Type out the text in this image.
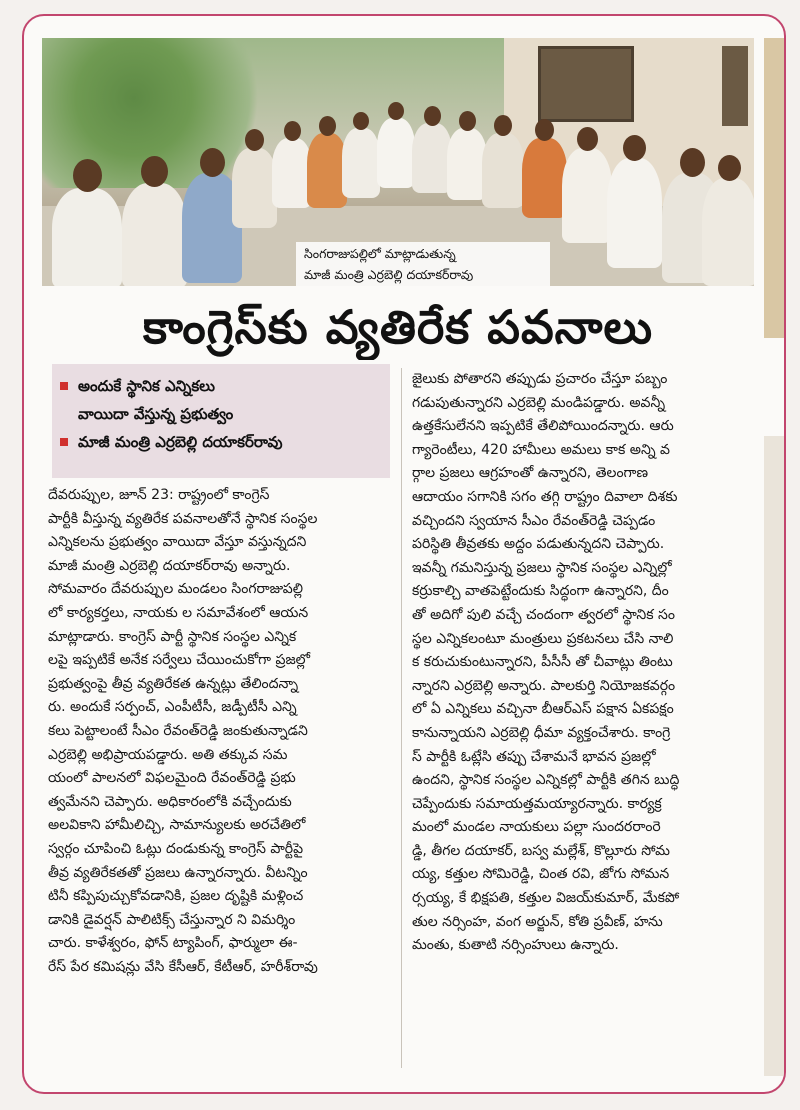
సింగరాజుపల్లిలో మాట్లాడుతున్న
మాజీ మంత్రి ఎర్రబెల్లి దయాకర్‌రావు
కాంగ్రెస్‌కు వ్యతిరేక పవనాలు
అందుకే స్థానిక ఎన్నికలు
వాయిదా వేస్తున్న ప్రభుత్వం
మాజీ మంత్రి ఎర్రబెల్లి దయాకర్‌రావు
దేవరుప్పుల, జూన్ 23: రాష్ట్రంలో కాంగ్రెస్
పార్టీకి వీస్తున్న వ్యతిరేక పవనాలతోనే స్థానిక సంస్థల
ఎన్నికలను ప్రభుత్వం వాయిదా వేస్తూ వస్తున్నదని
మాజీ మంత్రి ఎర్రబెల్లి దయాకర్‌రావు అన్నారు.
సోమవారం దేవరుప్పుల మండలం సింగరాజుపల్లి
లో కార్యకర్తలు, నాయకు ల సమావేశంలో ఆయన
మాట్లాడారు. కాంగ్రెస్ పార్టీ స్థానిక సంస్థల ఎన్నిక
లపై ఇప్పటికే అనేక సర్వేలు చేయించుకోగా ప్రజల్లో
ప్రభుత్వంపై తీవ్ర వ్యతిరేకత ఉన్నట్లు తేలిందన్నా
రు. అందుకే సర్పంచ్, ఎంపీటీసీ, జడ్పీటీసీ ఎన్ని
కలు పెట్టాలంటే సీఎం రేవంత్‌రెడ్డి జంకుతున్నాడని
ఎర్రబెల్లి అభిప్రాయపడ్డారు. అతి తక్కువ సమ
యంలో పాలనలో విఫలమైంది రేవంత్‌రెడ్డి ప్రభు
త్వమేనని చెప్పారు. అధికారంలోకి వచ్చేందుకు
అలవికాని హామీలిచ్చి, సామాన్యులకు అరచేతిలో
స్వర్గం చూపించి ఓట్లు దండుకున్న కాంగ్రెస్ పార్టీపై
తీవ్ర వ్యతిరేకతతో ప్రజలు ఉన్నారన్నారు. వీటన్నిం
టినీ కప్పిపుచ్చుకోవడానికి, ప్రజల దృష్టికి మళ్లించ
డానికి డైవర్షన్ పాలిటిక్స్ చేస్తున్నార ని విమర్శిం
చారు. కాళేశ్వరం, ఫోన్ ట్యాపింగ్, ఫార్ములా ఈ-
రేస్ పేర కమిషన్లు వేసి కేసీఆర్, కేటీఆర్, హరీశ్‌రావు
జైలుకు పోతారని తప్పుడు ప్రచారం చేస్తూ పబ్బం
గడుపుతున్నారని ఎర్రబెల్లి మండిపడ్డారు. అవన్నీ
ఉత్తకేసులేనని ఇప్పటికే తేలిపోయిందన్నారు. ఆరు
గ్యారెంటీలు, 420 హామీలు అమలు కాక అన్ని వ
ర్గాల ప్రజలు ఆగ్రహంతో ఉన్నారని, తెలంగాణ
ఆదాయం సగానికి సగం తగ్గి రాష్ట్రం దివాలా దిశకు
వచ్చిందని స్వయాన సీఎం రేవంత్‌రెడ్డి చెప్పడం
పరిస్థితి తీవ్రతకు అద్దం పడుతున్నదని చెప్పారు.
ఇవన్నీ గమనిస్తున్న ప్రజలు స్థానిక సంస్థల ఎన్నిల్లో
కర్రుకాల్చి వాతపెట్టేందుకు సిద్ధంగా ఉన్నారని, దీం
తో అదిగో పులి వచ్చే చందంగా త్వరలో స్థానిక సం
స్థల ఎన్నికలంటూ మంత్రులు ప్రకటనలు చేసి నాలి
క కరుచుకుంటున్నారని, పీసీసీ తో చీవాట్లు తింటు
న్నారని ఎర్రబెల్లి అన్నారు. పాలకుర్తి నియోజకవర్గం
లో ఏ ఎన్నికలు వచ్చినా బీఆర్ఎస్ పక్షాన ఏకపక్షం
కానున్నాయని ఎర్రబెల్లి ధీమా వ్యక్తంచేశారు. కాంగ్రె
స్ పార్టీకి ఓట్లేసి తప్పు చేశామనే భావన ప్రజల్లో
ఉందని, స్థానిక సంస్థల ఎన్నికల్లో పార్టీకి తగిన బుద్ధి
చెప్పేందుకు సమాయత్తమయ్యారన్నారు. కార్యక్ర
మంలో మండల నాయకులు పల్లా సుందరరాంరె
డ్డి, తీగల దయాకర్, బస్వ మల్లేశ్, కొల్లూరు సోమ
య్య, కత్తుల సోమిరెడ్డి, చింత రవి, జోగు సోమన
ర్సయ్య, కే భిక్షపతి, కత్తుల విజయ్‌కుమార్, మేకపో
తుల నర్సింహ, వంగ అర్జున్, కోతి ప్రవీణ్, హను
మంతు, కుతాటి నర్సింహులు ఉన్నారు.
